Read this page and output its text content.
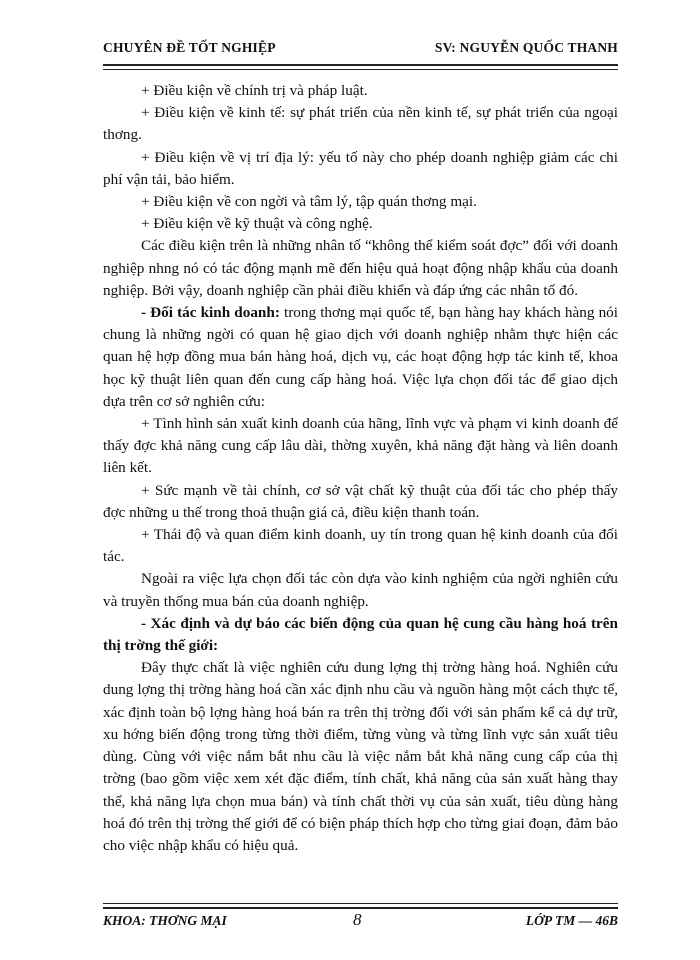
CHUYÊN ĐỀ TỐT NGHIỆP	SV: NGUYỄN QUỐC THANH

+ Điều kiện về chính trị và pháp luật.

+ Điều kiện về kinh tế: sự phát triển của nền kinh tế, sự phát triển của ngoại thơng.

+ Điều kiện về vị trí địa lý: yếu tố này cho phép doanh nghiệp giảm các chi phí vận tải, bảo hiểm.

+ Điều kiện về con ngời và tâm lý, tập quán thơng mại.

+ Điều kiện về kỹ thuật và công nghệ.

Các điều kiện trên là những nhân tố “không thể kiểm soát đợc” đối với doanh nghiệp nhng nó có tác động mạnh mẽ đến hiệu quả hoạt động nhập khẩu của doanh nghiệp. Bởi vậy, doanh nghiệp cần phải điều khiển và đáp ứng các nhân tố đó.

- Đối tác kinh doanh: trong thơng mại quốc tế, bạn hàng hay khách hàng nói chung là những ngời có quan hệ giao dịch với doanh nghiệp nhằm thực hiện các quan hệ hợp đồng mua bán hàng hoá, dịch vụ, các hoạt động hợp tác kinh tế, khoa học kỹ thuật liên quan đến cung cấp hàng hoá. Việc lựa chọn đối tác để giao dịch dựa trên cơ sở nghiên cứu:

+ Tình hình sản xuất kinh doanh của hãng, lĩnh vực và phạm vi kinh doanh để thấy đợc khả năng cung cấp lâu dài, thờng xuyên, khả năng đặt hàng và liên doanh liên kết.

+ Sức mạnh về tài chính, cơ sở vật chất kỹ thuật của đối tác cho phép thấy đợc những u thế trong thoả thuận giá cả, điều kiện thanh toán.

+ Thái độ và quan điểm kinh doanh, uy tín trong quan hệ kinh doanh của đối tác.

Ngoài ra việc lựa chọn đối tác còn dựa vào kinh nghiệm của ngời nghiên cứu và truyền thống mua bán của doanh nghiệp.

- Xác định và dự báo các biến động của quan hệ cung cầu hàng hoá trên thị trờng thế giới:

Đây thực chất là việc nghiên cứu dung lợng thị trờng hàng hoá. Nghiên cứu dung lợng thị trờng hàng hoá cần xác định nhu cầu và nguồn hàng một cách thực tế, xác định toàn bộ lợng hàng hoá bán ra trên thị trờng đối với sản phẩm kể cả dự trữ, xu hớng biến động trong từng thời điểm, từng vùng và từng lĩnh vực sản xuất tiêu dùng. Cùng với việc nắm bắt nhu cầu là việc nắm bắt khả năng cung cấp của thị trờng (bao gồm việc xem xét đặc điểm, tính chất, khả năng của sản xuất hàng thay thế, khả năng lựa chọn mua bán) và tính chất thời vụ của sản xuất, tiêu dùng hàng hoá đó trên thị trờng thế giới để có biện pháp thích hợp cho từng giai đoạn, đảm bảo cho việc nhập khẩu có hiệu quả.

KHOA: THƠNG MẠI	8	LỚP TM — 46B
